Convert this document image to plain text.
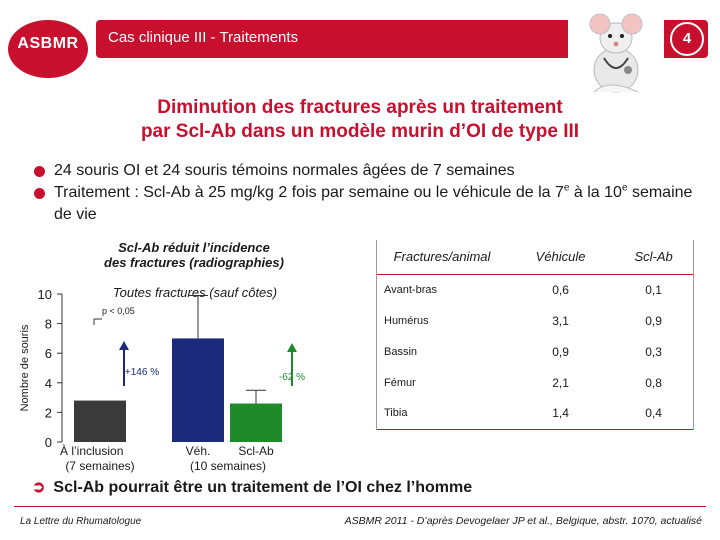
ASBMR	Cas clinique III - Traitements	4
Diminution des fractures après un traitement
par Scl-Ab dans un modèle murin d’OI de type III
24 souris OI et 24 souris témoins normales âgées de 7 semaines
Traitement : Scl-Ab à 25 mg/kg 2 fois par semaine ou le véhicule de la 7e à la 10e semaine de vie
Scl-Ab réduit l’incidence
des fractures (radiographies)
Nombre de souris
0
2
4
6
8
10	Toutes fractures (sauf côtes)
À l’inclusion	Véh. Scl-Ab
(7 semaines)	(10 semaines)
p < 0,05
+146 %	-62 %
Fractures/animal	Véhicule	Scl-Ab
Avant-bras	0,6	0,1
Humérus	3,1	0,9
Bassin	0,9	0,3
Fémur	2,1	0,8
Tibia	1,4	0,4
➲ Scl-Ab pourrait être un traitement de l’OI chez l’homme
La Lettre du Rhumatologue	ASBMR 2011 - D’après Devogelaer JP et al., Belgique, abstr. 1070, actualisé
